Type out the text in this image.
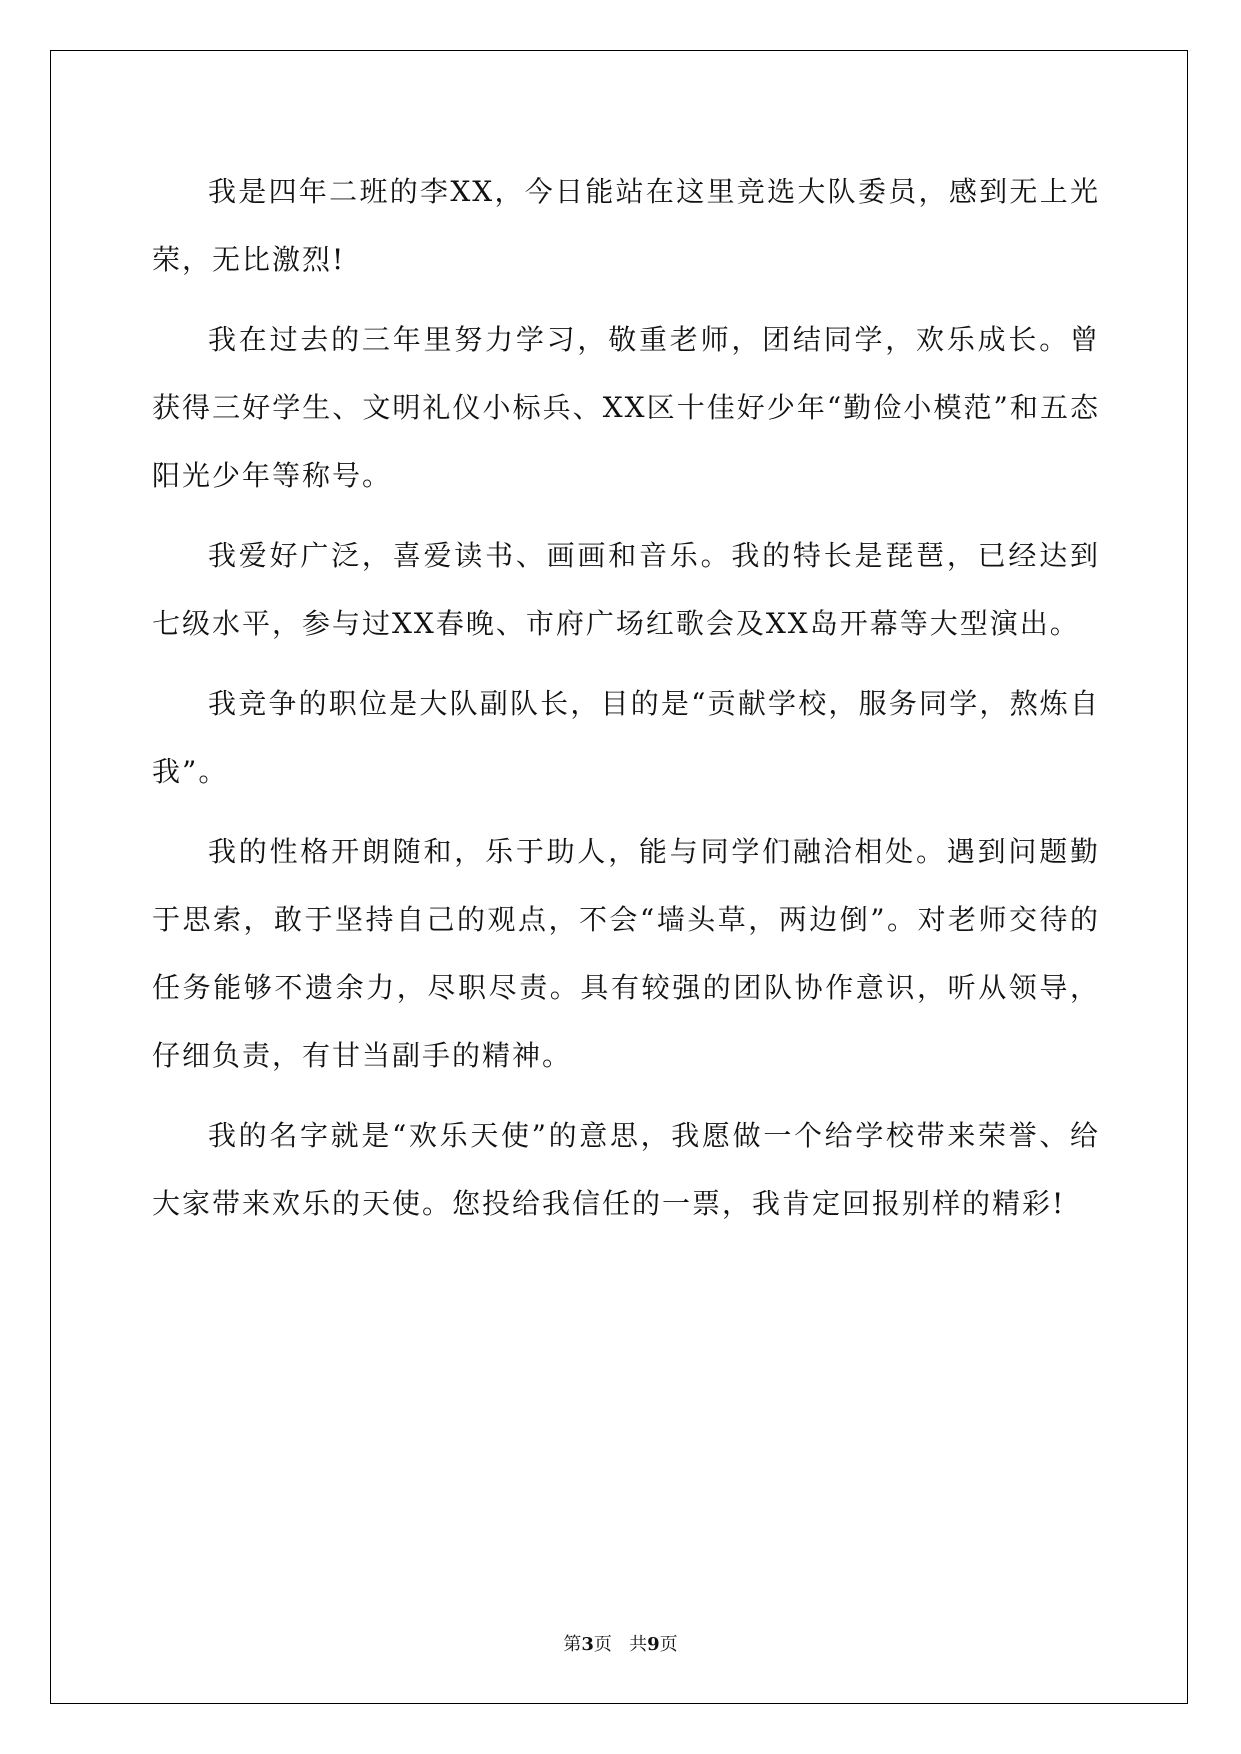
我是四年二班的李XX，今日能站在这里竞选大队委员，感到无上光荣，无比激烈!

我在过去的三年里努力学习，敬重老师，团结同学，欢乐成长。曾获得三好学生、文明礼仪小标兵、XX区十佳好少年“勤俭小模范”和五态阳光少年等称号。

我爱好广泛，喜爱读书、画画和音乐。我的特长是琵琶，已经达到七级水平，参与过XX春晚、市府广场红歌会及XX岛开幕等大型演出。

我竞争的职位是大队副队长，目的是“贡献学校，服务同学，熬炼自我”。

我的性格开朗随和，乐于助人，能与同学们融洽相处。遇到问题勤于思索，敢于坚持自己的观点，不会“墙头草，两边倒”。对老师交待的任务能够不遗余力，尽职尽责。具有较强的团队协作意识，听从领导，仔细负责，有甘当副手的精神。

我的名字就是“欢乐天使”的意思，我愿做一个给学校带来荣誉、给大家带来欢乐的天使。您投给我信任的一票，我肯定回报别样的精彩!

第3页   共9页
